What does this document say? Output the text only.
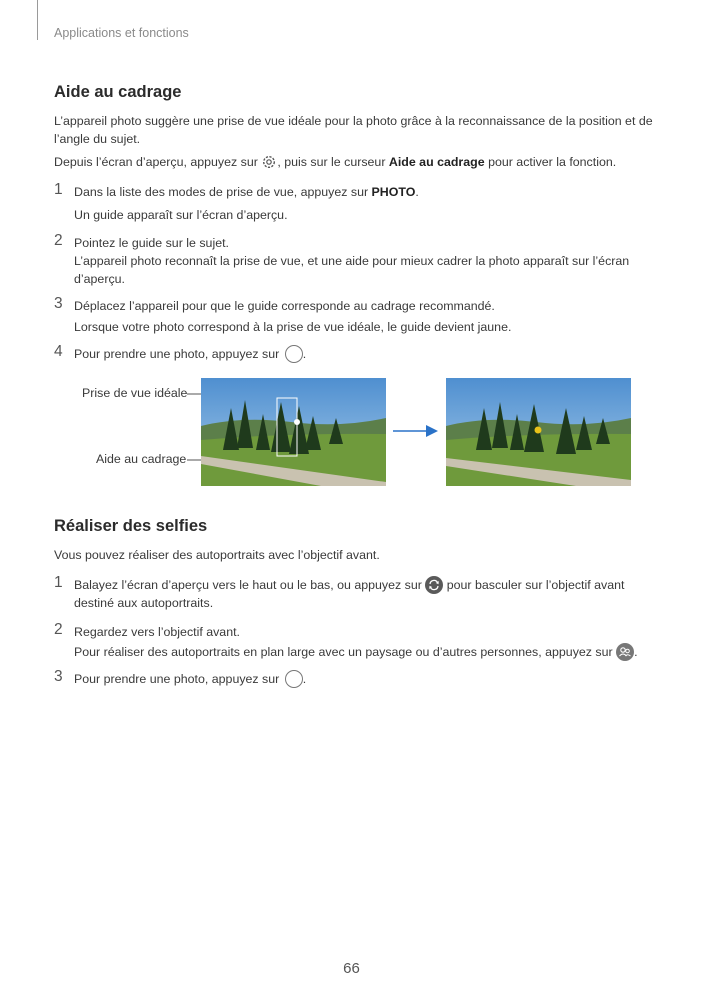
Applications et fonctions
Aide au cadrage
L’appareil photo suggère une prise de vue idéale pour la photo grâce à la reconnaissance de la position et de
l’angle du sujet.
Depuis l’écran d’aperçu, appuyez sur , puis sur le curseur Aide au cadrage pour activer la fonction.
1 Dans la liste des modes de prise de vue, appuyez sur PHOTO.
Un guide apparaît sur l’écran d’aperçu.
2 Pointez le guide sur le sujet.
L’appareil photo reconnaît la prise de vue, et une aide pour mieux cadrer la photo apparaît sur l’écran
d’aperçu.
3 Déplacez l’appareil pour que le guide corresponde au cadrage recommandé.
Lorsque votre photo correspond à la prise de vue idéale, le guide devient jaune.
4 Pour prendre une photo, appuyez sur .
Prise de vue idéale
Aide au cadrage
Réaliser des selfies
Vous pouvez réaliser des autoportraits avec l’objectif avant.
1 Balayez l’écran d’aperçu vers le haut ou le bas, ou appuyez sur
pour basculer sur l’objectif avant
destiné aux autoportraits.
2 Regardez vers l’objectif avant.
Pour réaliser des autoportraits en plan large avec un paysage ou d’autres personnes, appuyez sur
.
3 Pour prendre une photo, appuyez sur .
66
